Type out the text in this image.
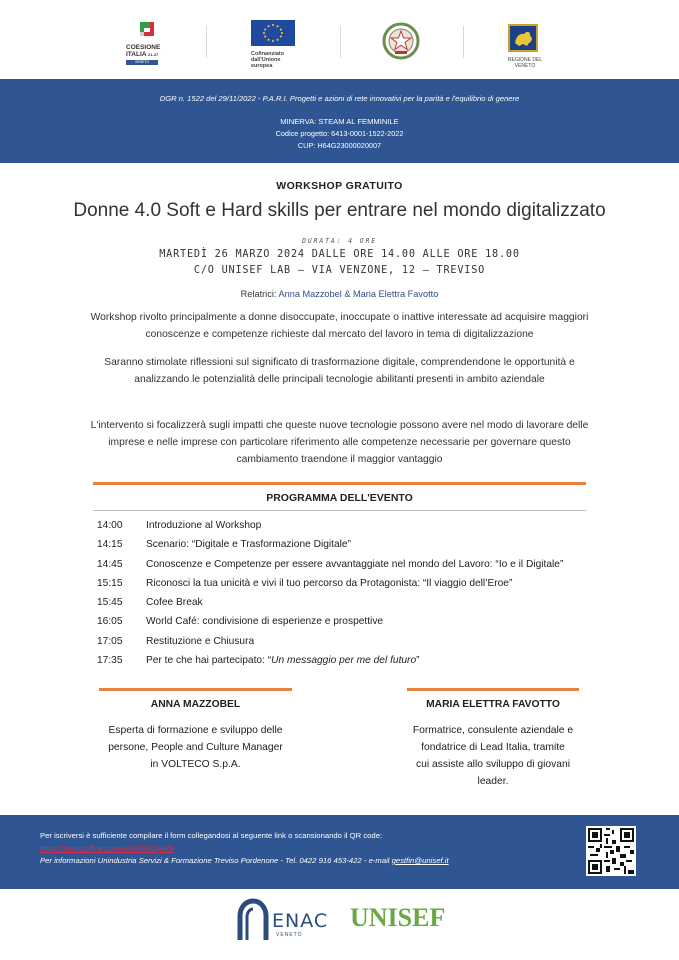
COESIONE
ITALIA 21-27
VENETO
Cofinanziato
dall'Unione europea
REGIONE DEL VENETO
DGR n. 1522 del 29/11/2022 - P.A.R.I. Progetti e azioni di rete innovativi per la parità e l'equilibrio di genere
MINERVA: STEAM AL FEMMINILE
Codice progetto: 6413-0001-1522-2022
CUP: H64G23000020007
WORKSHOP GRATUITO
Donne 4.0 Soft e Hard skills per entrare nel mondo digitalizzato
DURATA: 4 ORE
MARTEDÌ 26 MARZO 2024 DALLE ORE 14.00 ALLE ORE 18.00
C/O UNISEF LAB – VIA VENZONE, 12 – TREVISO
Relatrici: Anna Mazzobel & Maria Elettra Favotto
Workshop rivolto principalmente a donne disoccupate, inoccupate o inattive interessate ad acquisire maggiori conoscenze e competenze richieste dal mercato del lavoro in tema di digitalizzazione
Saranno stimolate riflessioni sul significato di trasformazione digitale, comprendendone le opportunità e analizzando le potenzialità delle principali tecnologie abilitanti presenti in ambito aziendale
L'intervento si focalizzerà sugli impatti che queste nuove tecnologie possono avere nel modo di lavorare delle imprese e nelle imprese con particolare riferimento alle competenze necessarie per governare questo cambiamento traendone il maggior vantaggio
PROGRAMMA DELL'EVENTO
14:00 Introduzione al Workshop
14:15 Scenario: “Digitale e Trasformazione Digitale”
14:45 Conoscenze e Competenze per essere avvantaggiate nel mondo del Lavoro: “Io e il Digitale”
15:15 Riconosci la tua unicità e vivi il tuo percorso da Protagonista: “Il viaggio dell’Eroe”
15:45 Cofee Break
16:05 World Café: condivisione di esperienze e prospettive
17:05 Restituzione e Chiusura
17:35 Per te che hai partecipato: “Un messaggio per me del futuro”
ANNA MAZZOBEL
Esperta di formazione e sviluppo delle
persone, People and Culture Manager
in VOLTECO S.p.A.
MARIA ELETTRA FAVOTTO
Formatrice, consulente aziendale e
fondatrice di Lead Italia, tramite
cui assiste allo sviluppo di giovani
leader.
Per iscriversi è sufficiente compilare il form collegandosi al seguente link o scansionando il QR code:
https://forms.office.com/e/910MXDjaV9
Per informazioni Unindustria Servizi & Formazione Treviso Pordenone - Tel. 0422 916 453-422 - e-mail gestfin@unisef.it
ENAC
VENETO
UNISEF
